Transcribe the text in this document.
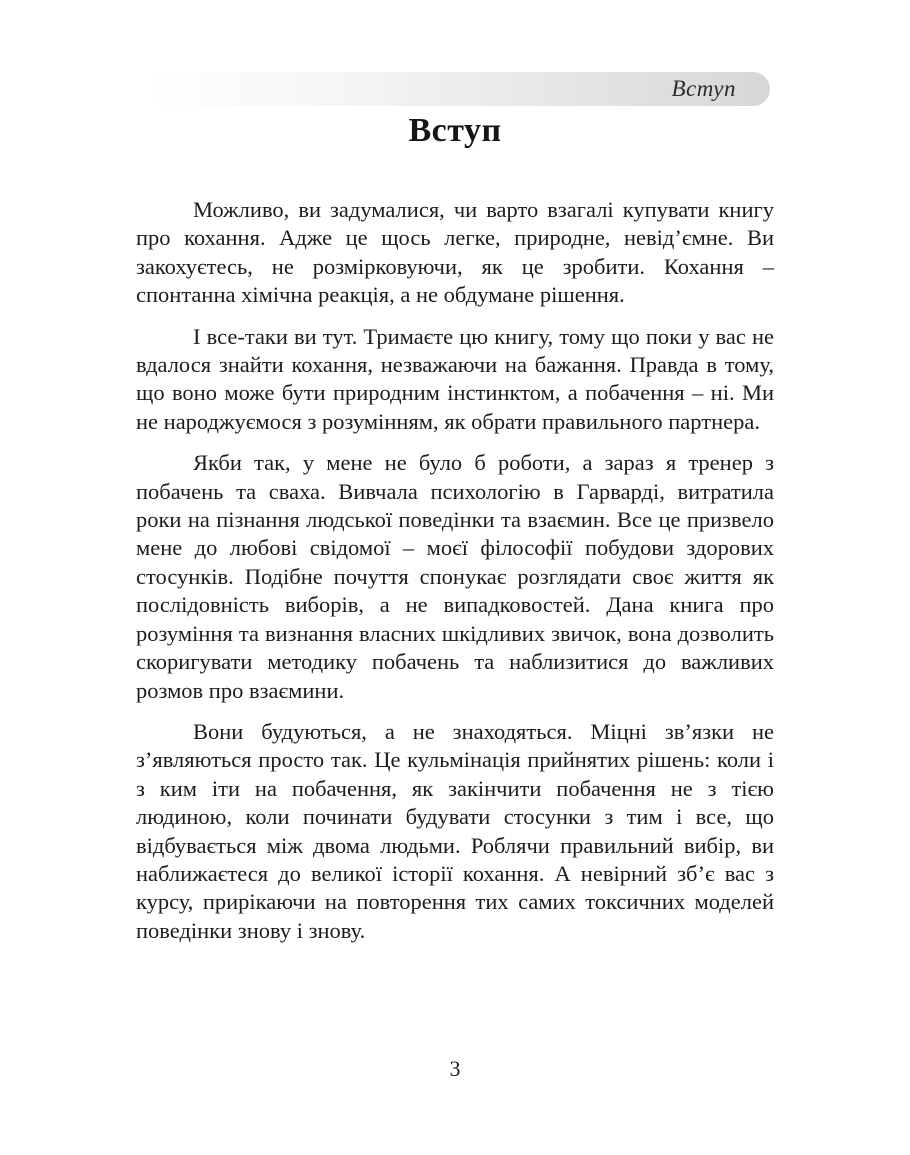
Вступ
Вступ

Можливо, ви задумалися, чи варто взагалі купувати книгу про кохання. Адже це щось легке, природне, невід’ємне. Ви закохуєтесь, не розмірковуючи, як це зробити. Кохання – спонтанна хімічна реакція, а не обдумане рішення.

І все-таки ви тут. Тримаєте цю книгу, тому що поки у вас не вдалося знайти кохання, незважаючи на бажання. Правда в тому, що воно може бути природним інстинктом, а побачення – ні. Ми не народжуємося з розумінням, як обрати правильного партнера.

Якби так, у мене не було б роботи, а зараз я тренер з побачень та сваха. Вивчала психологію в Гарварді, витратила роки на пізнання людської поведінки та взаємин. Все це призвело мене до любові свідомої – моєї філософії побудови здорових стосунків. Подібне почуття спонукає розглядати своє життя як послідовність виборів, а не випадковостей. Дана книга про розуміння та визнання власних шкідливих звичок, вона дозволить скоригувати методику побачень та наблизитися до важливих розмов про взаємини.

Вони будуються, а не знаходяться. Міцні зв’язки не з’являються просто так. Це кульмінація прийнятих рішень: коли і з ким іти на побачення, як закінчити побачення не з тією людиною, коли починати будувати стосунки з тим і все, що відбувається між двома людьми. Роблячи правильний вибір, ви наближаєтеся до великої історії кохання. А невірний зб’є вас з курсу, прирікаючи на повторення тих самих токсичних моделей поведінки знову і знову.

3
